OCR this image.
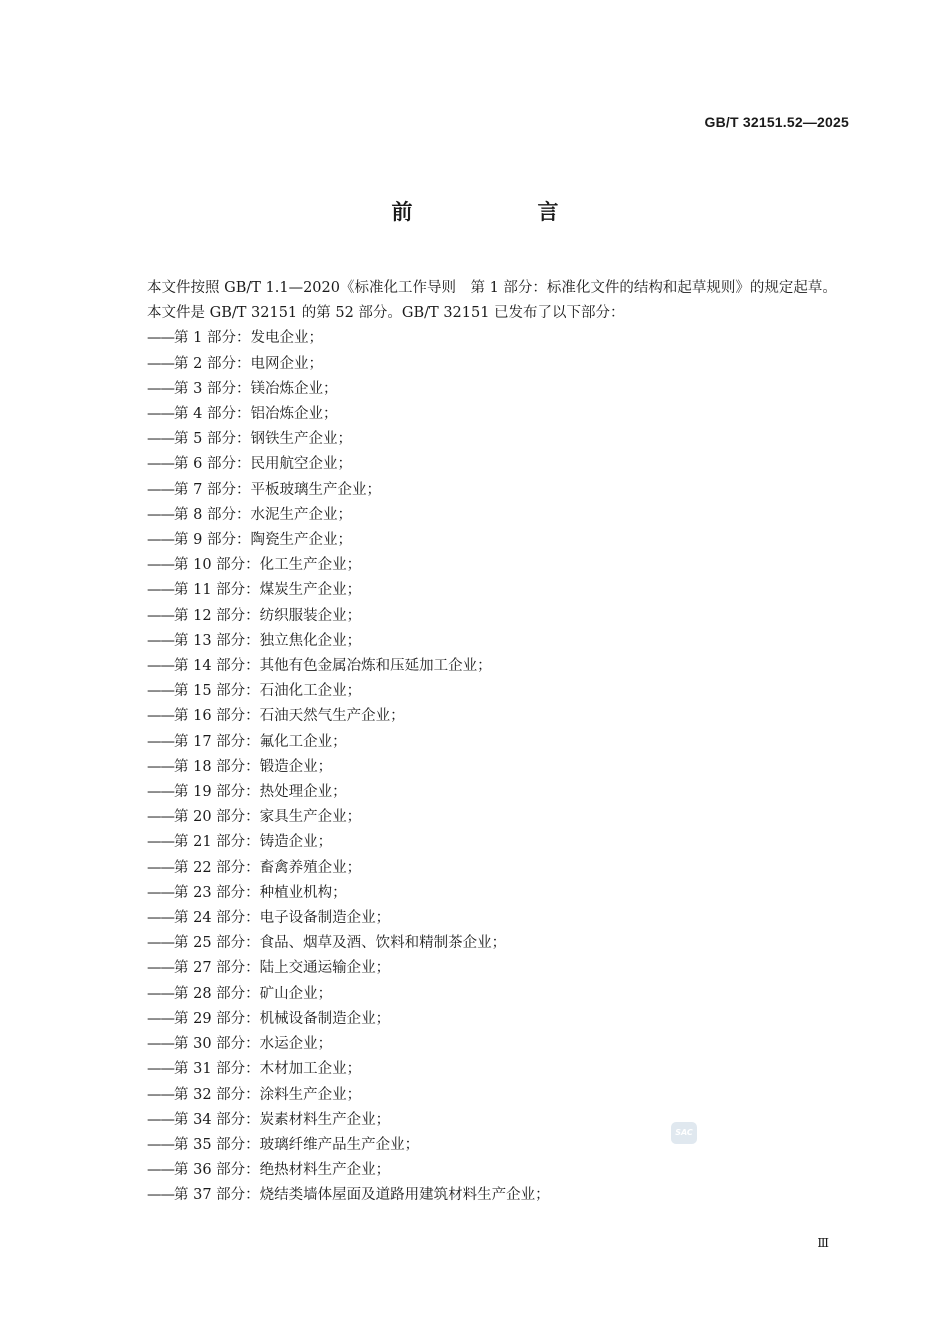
GB/T 32151.52—2025
前　言

本文件按照 GB/T 1.1—2020《标准化工作导则　第 1 部分：标准化文件的结构和起草规则》的规定起草。

本文件是 GB/T 32151 的第 52 部分。GB/T 32151 已发布了以下部分：

——第 1 部分：发电企业；
——第 2 部分：电网企业；
——第 3 部分：镁冶炼企业；
——第 4 部分：铝冶炼企业；
——第 5 部分：钢铁生产企业；
——第 6 部分：民用航空企业；
——第 7 部分：平板玻璃生产企业；
——第 8 部分：水泥生产企业；
——第 9 部分：陶瓷生产企业；
——第 10 部分：化工生产企业；
——第 11 部分：煤炭生产企业；
——第 12 部分：纺织服装企业；
——第 13 部分：独立焦化企业；
——第 14 部分：其他有色金属冶炼和压延加工企业；
——第 15 部分：石油化工企业；
——第 16 部分：石油天然气生产企业；
——第 17 部分：氟化工企业；
——第 18 部分：锻造企业；
——第 19 部分：热处理企业；
——第 20 部分：家具生产企业；
——第 21 部分：铸造企业；
——第 22 部分：畜禽养殖企业；
——第 23 部分：种植业机构；
——第 24 部分：电子设备制造企业；
——第 25 部分：食品、烟草及酒、饮料和精制茶企业；
——第 27 部分：陆上交通运输企业；
——第 28 部分：矿山企业；
——第 29 部分：机械设备制造企业；
——第 30 部分：水运企业；
——第 31 部分：木材加工企业；
——第 32 部分：涂料生产企业；
——第 34 部分：炭素材料生产企业；
——第 35 部分：玻璃纤维产品生产企业；
——第 36 部分：绝热材料生产企业；
——第 37 部分：烧结类墙体屋面及道路用建筑材料生产企业；
SAC
Ⅲ
